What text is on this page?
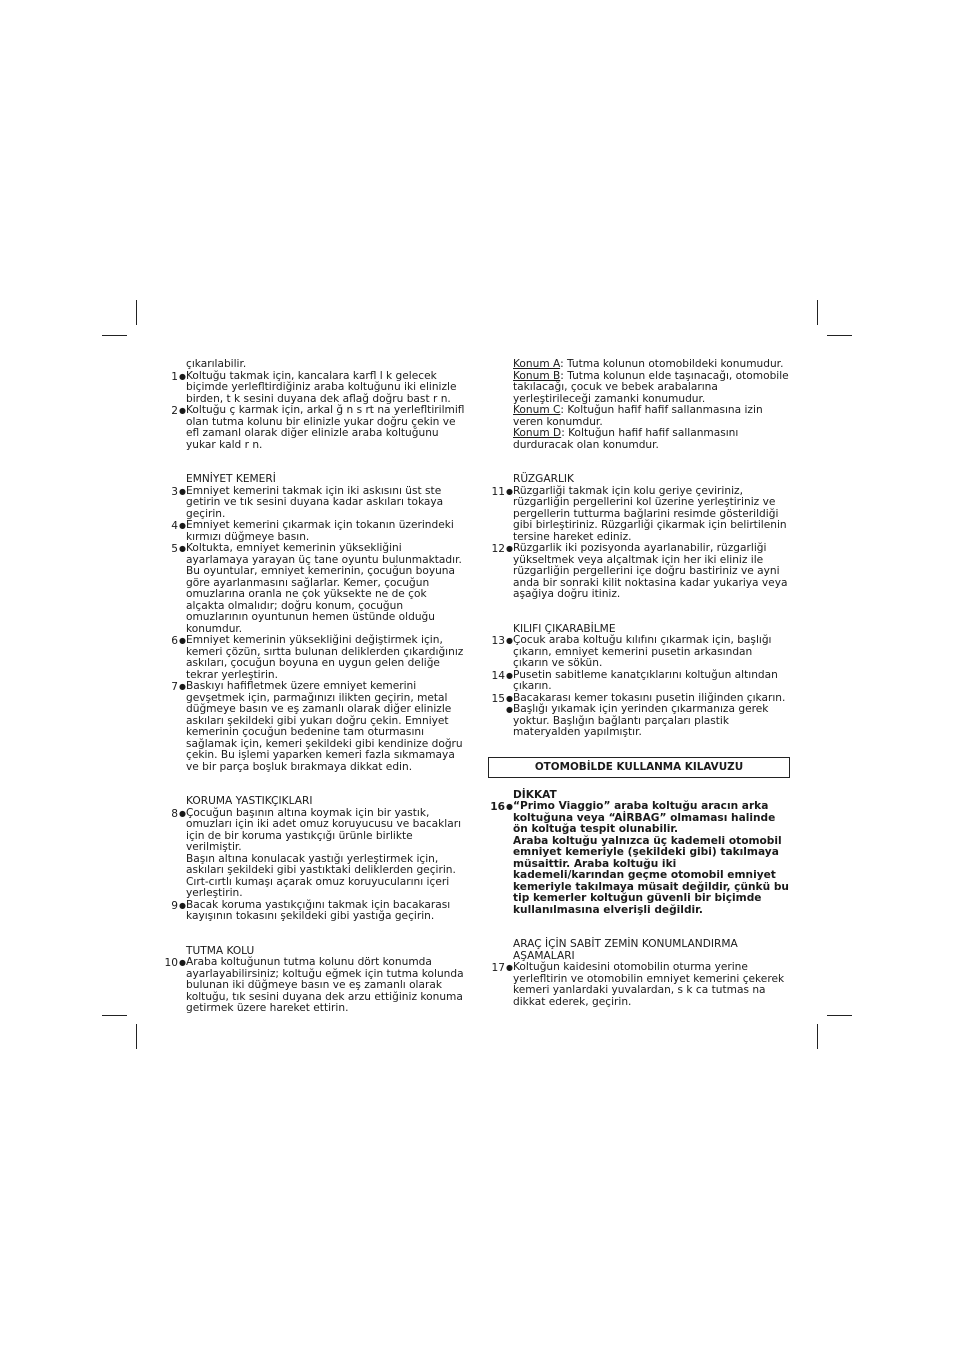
çıkarılabilir.
1● Koltuğu takmak için, kancalara karfl l k gelecek biçimde yerlefltirdiğiniz araba koltuğunu iki elinizle birden, t k sesini duyana dek aflağ doğru bast r n.
2● Koltuğu ç karmak için, arkal ğ n s rt na yerlefltirilmifl olan tutma kolunu bir elinizle yukar doğru çekin ve efl zamanl olarak diğer elinizle araba koltuğunu yukar kald r n.
EMNİYET KEMERİ
3● Emniyet kemerini takmak için iki askısını üst ste getirin ve tık sesini duyana kadar askıları tokaya geçirin.
4● Emniyet kemerini çıkarmak için tokanın üzerindeki kırmızı düğmeye basın.
5● Koltukta, emniyet kemerinin yüksekliğini ayarlamaya yarayan üç tane oyuntu bulunmaktadır. Bu oyuntular, emniyet kemerinin, çocuğun boyuna göre ayarlanmasını sağlarlar. Kemer, çocuğun omuzlarına oranla ne çok yüksekte ne de çok alçakta olmalıdır; doğru konum, çocuğun omuzlarının oyuntunun hemen üstünde olduğu konumdur.
6● Emniyet kemerinin yüksekliğini değiştirmek için, kemeri çözün, sırtta bulunan deliklerden çıkardığınız askıları, çocuğun boyuna en uygun gelen deliğe tekrar yerleştirin.
7● Baskıyı hafifletmek üzere emniyet kemerini gevşetmek için, parmağınızı ilikten geçirin, metal düğmeye basın ve eş zamanlı olarak diğer elinizle askıları şekildeki gibi yukarı doğru çekin. Emniyet kemerinin çocuğun bedenine tam oturmasını sağlamak için, kemeri şekildeki gibi kendinize doğru çekin. Bu işlemi yaparken kemeri fazla sıkmamaya ve bir parça boşluk bırakmaya dikkat edin.
KORUMA YASTIKÇIKLARI
8● Çocuğun başının altına koymak için bir yastık, omuzları için iki adet omuz koruyucusu ve bacakları için de bir koruma yastıkçığı ürünle birlikte verilmiştir.
Başın altına konulacak yastığı yerleştirmek için, askıları şekildeki gibi yastıktaki deliklerden geçirin. Cırt-cırtlı kumaşı açarak omuz koruyucularını içeri yerleştirin.
9● Bacak koruma yastıkçığını takmak için bacakarası kayışının tokasını şekildeki gibi yastığa geçirin.
TUTMA KOLU
10● Araba koltuğunun tutma kolunu dört konumda ayarlayabilirsiniz; koltuğu eğmek için tutma kolunda bulunan iki düğmeye basın ve eş zamanlı olarak koltuğu, tık sesini duyana dek arzu ettiğiniz konuma getirmek üzere hareket ettirin.
Konum A: Tutma kolunun otomobildeki konumudur.
Konum B: Tutma kolunun elde taşınacağı, otomobile takılacağı, çocuk ve bebek arabalarına yerleştirileceği zamanki konumudur.
Konum C: Koltuğun hafif hafif sallanmasına izin veren konumdur.
Konum D: Koltuğun hafif hafif sallanmasını durduracak olan konumdur.
RÜZGARLIK
11● Rüzgarliği takmak için kolu geriye çeviriniz, rüzgarliğin pergellerini kol üzerine yerleştiriniz ve pergellerin tutturma bağlarini resimde gösterildiği gibi birleştiriniz. Rüzgarliği çikarmak için belirtilenin tersine hareket ediniz.
12● Rüzgarlik iki pozisyonda ayarlanabilir, rüzgarliği yükseltmek veya alçaltmak için her iki eliniz ile rüzgarliğin pergellerini içe doğru bastiriniz ve ayni anda bir sonraki kilit noktasina kadar yukariya veya aşağiya doğru itiniz.
KILIFI ÇIKARABİLME
13● Çocuk araba koltuğu kılıfını çıkarmak için, başlığı çıkarın, emniyet kemerini pusetin arkasından çıkarın ve sökün.
14● Pusetin sabitleme kanatçıklarını koltuğun altından çıkarın.
15● Bacakarası kemer tokasını pusetin iliğinden çıkarın.
● Başlığı yıkamak için yerinden çıkarmanıza gerek yoktur. Başlığın bağlantı parçaları plastik materyalden yapılmıştır.
OTOMOBİLDE KULLANMA KILAVUZU
DİKKAT
16● “Primo Viaggio” araba koltuğu aracın arka koltuğuna veya “AİRBAG” olmaması halinde ön koltuğa tespit olunabilir.
Araba koltuğu yalnızca üç kademeli otomobil emniyet kemeriyle (şekildeki gibi) takılmaya müsaittir. Araba koltuğu iki kademeli/karından geçme otomobil emniyet kemeriyle takılmaya müsait değildir, çünkü bu tip kemerler koltuğun güvenli bir biçimde kullanılmasına elverişli değildir.
ARAÇ İÇİN SABİT ZEMİN KONUMLANDIRMA AŞAMALARI
17● Koltuğun kaidesini otomobilin oturma yerine yerlefltirin ve otomobilin emniyet kemerini çekerek kemeri yanlardaki yuvalardan, s k ca tutmas na dikkat ederek, geçirin.
